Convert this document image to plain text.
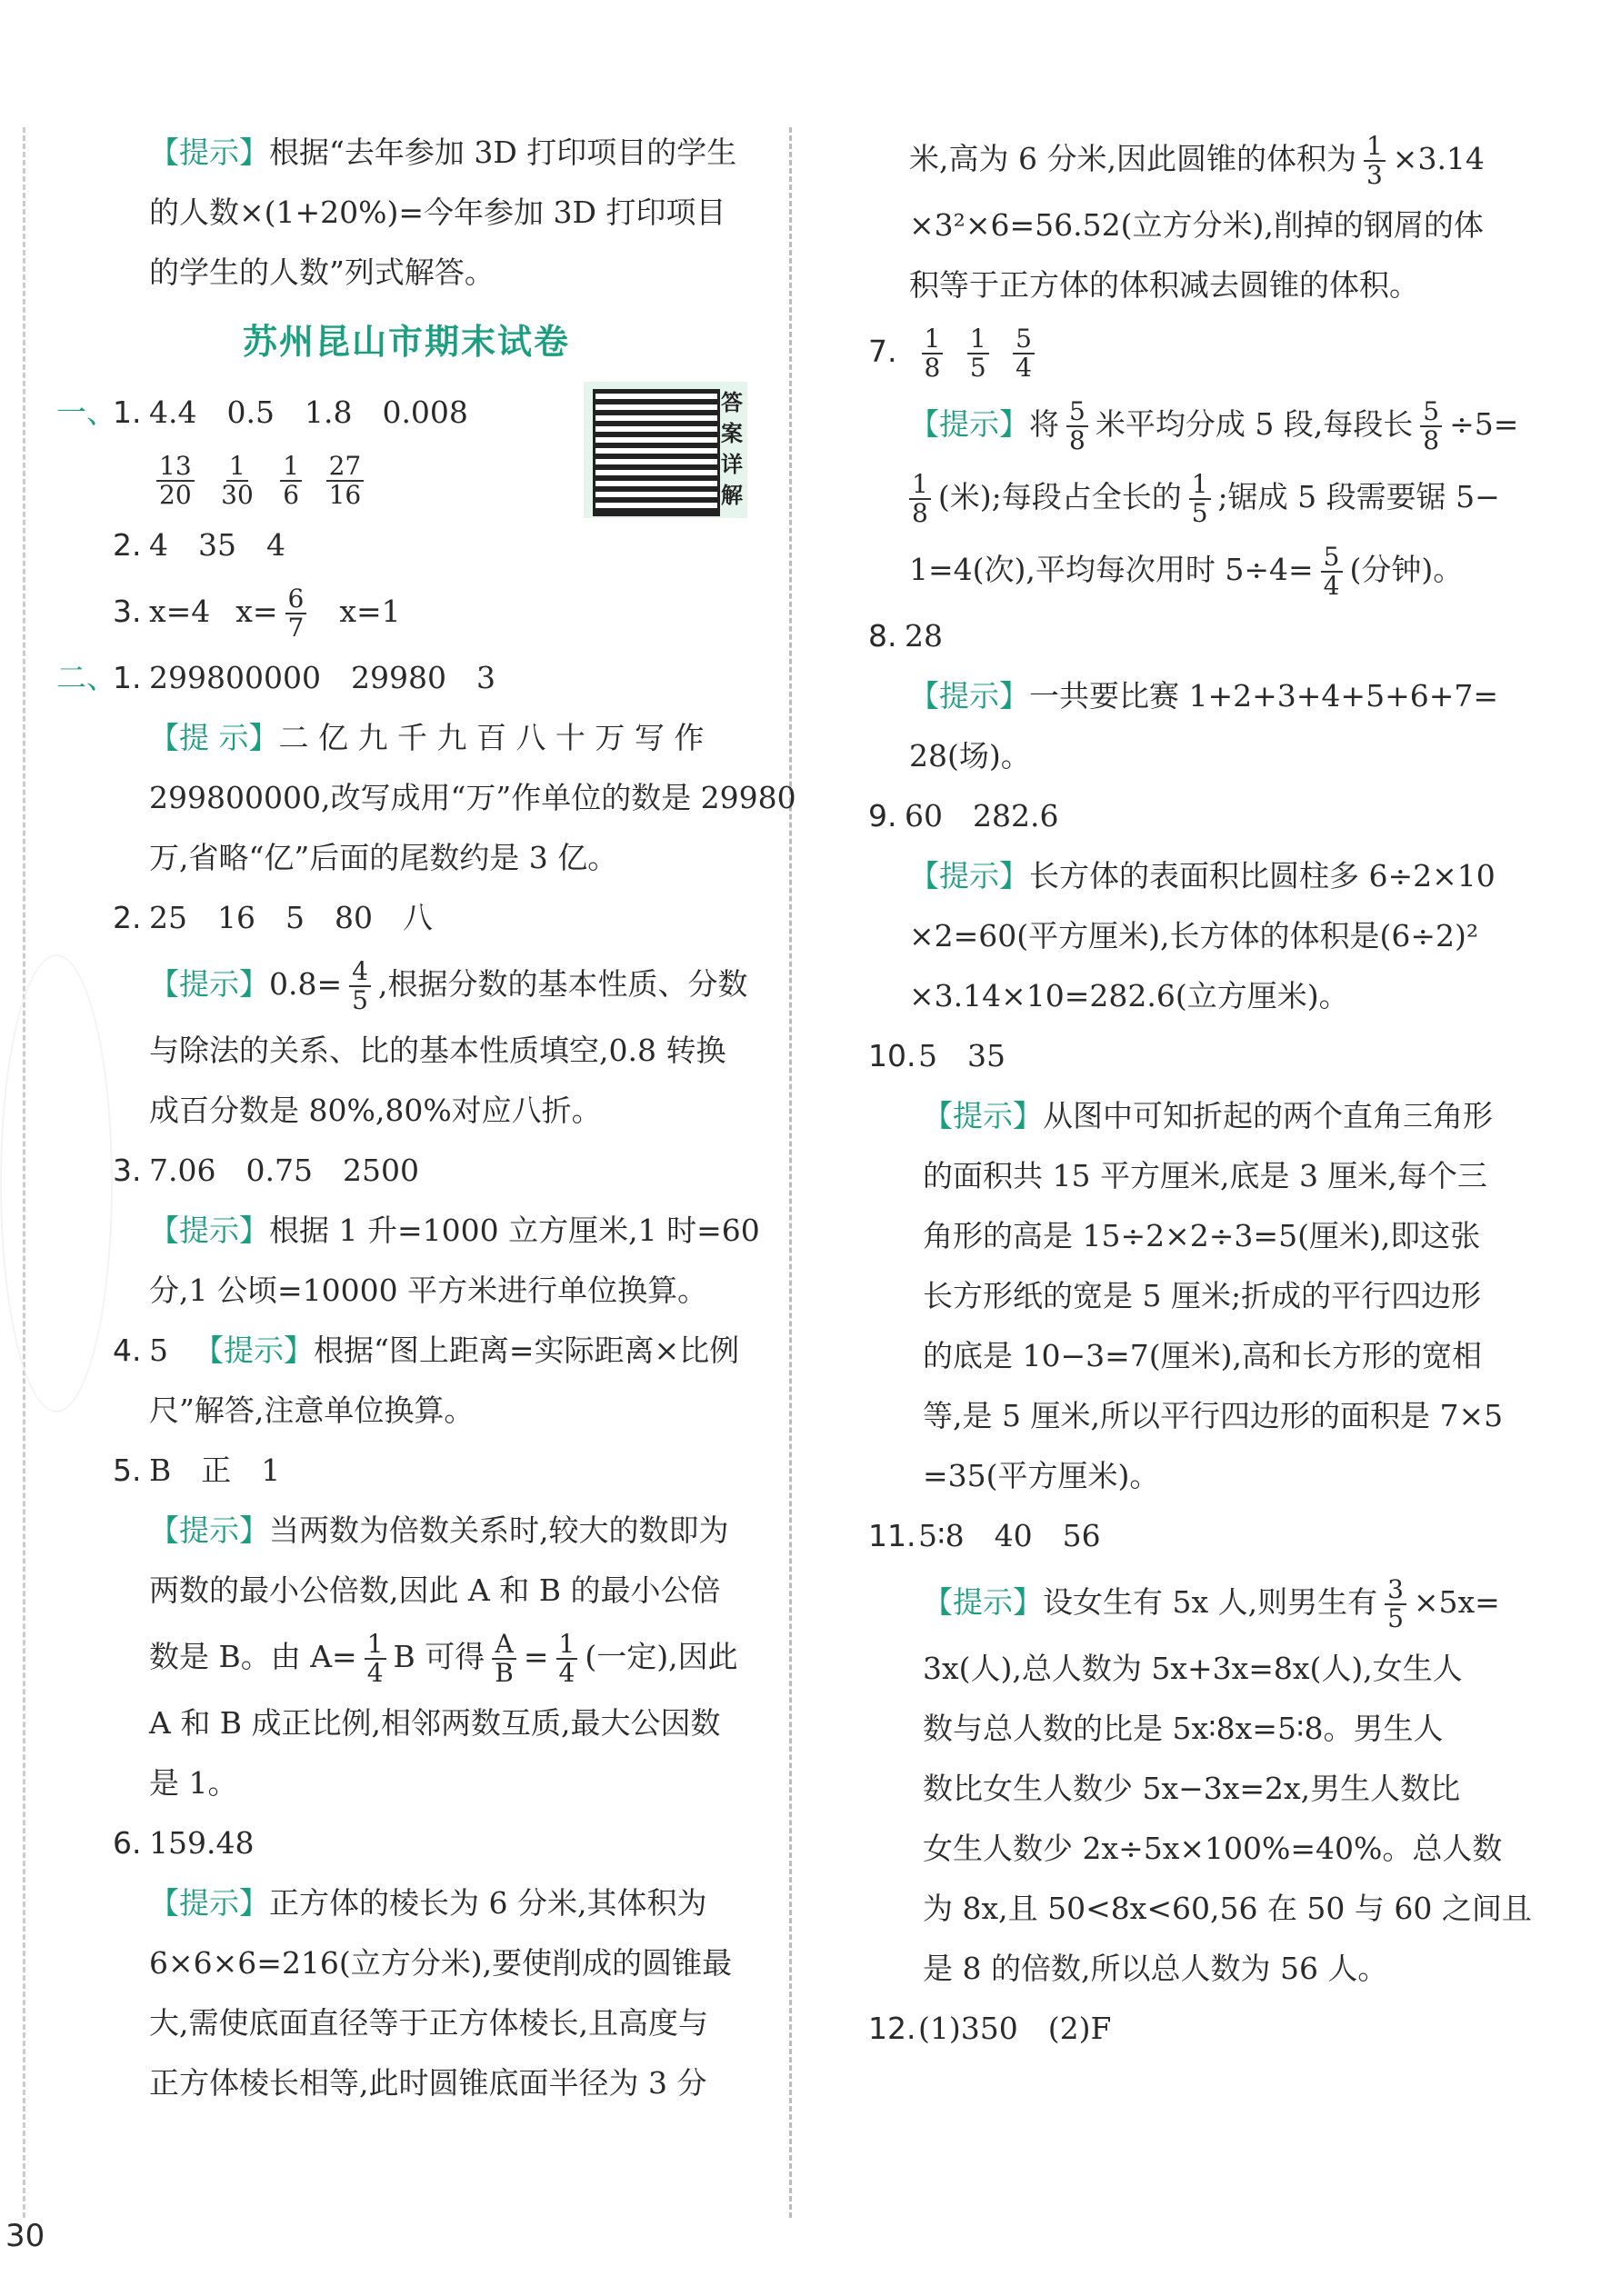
答
案
详
解
【提示】根据“去年参加 3D 打印项目的学生
的人数×(1+20%)=今年参加 3D 打印项目
的学生的人数”列式解答。
苏州昆山市期末试卷
一、1. 4.4　0.5　1.8　0.008
$\frac{13}{20}$
$\frac{1}{30}$
$\frac{1}{6}$
$\frac{27}{16}$
2. 4　35　4
3. x=4 $x= \frac{6}{7} x=1$
二、1. 299800000　29980　3
【提 示】二 亿 九 千 九 百 八 十 万 写 作
299800000,改写成用“万”作单位的数是 29980
万,省略“亿”后面的尾数约是 3 亿。
2. 25　16　5　80　八
【提示】$0.8= \frac{4}{5}$ ,根据分数的基本性质、分数
与除法的关系、比的基本性质填空,0.8 转换
成百分数是 80%,80%对应八折。
3. 7.06　0.75　2500
【提示】根据 1 升=1000 立方厘米,1 时=60
分,1 公顷=10000 平方米进行单位换算。
4. 5 【提示】根据“图上距离=实际距离×比例
尺”解答,注意单位换算。
5. B　正　1
【提示】当两数为倍数关系时,较大的数即为
两数的最小公倍数,因此 A 和 B 的最小公倍
数是 B。由 $A= \frac{1}{4}$ B 可得 $\frac{A}{B} = \frac{1}{4}$ (一定),因此
A 和 B 成正比例,相邻两数互质,最大公因数
是 1。
6. 159.48
【提示】正方体的棱长为 6 分米,其体积为
6×6×6=216(立方分米),要使削成的圆锥最
大,需使底面直径等于正方体棱长,且高度与
正方体棱长相等,此时圆锥底面半径为 3 分
米,高为 6 分米,因此圆锥的体积为 $\frac{1}{3} \times 3.14$
×3²×6=56.52(立方分米),削掉的钢屑的体
积等于正方体的体积减去圆锥的体积。
7. $\frac{1}{8}$
$\frac{1}{5}$
$\frac{5}{4}$
【提示】将 $\frac{5}{8}$ 米平均分成 5 段,每段长 $\frac{5}{8} \div 5=$
$\frac{1}{8}$ (米);每段占全长的 $\frac{1}{5}$ ;锯成 5 段需要锯 5−
1=4(次),平均每次用时 $5\div 4= \frac{5}{4}$ (分钟)。
8. 28
【提示】一共要比赛 1+2+3+4+5+6+7=
28(场)。
9. 60　282.6
【提示】长方体的表面积比圆柱多 6÷2×10
×2=60(平方厘米),长方体的体积是(6÷2)²
×3.14×10=282.6(立方厘米)。
10.5　35
【提示】从图中可知折起的两个直角三角形
的面积共 15 平方厘米,底是 3 厘米,每个三
角形的高是 15÷2×2÷3=5(厘米),即这张
长方形纸的宽是 5 厘米;折成的平行四边形
的底是 10−3=7(厘米),高和长方形的宽相
等,是 5 厘米,所以平行四边形的面积是 7×5
=35(平方厘米)。
11.5∶8　40　56
【提示】设女生有 5x 人,则男生有 $\frac{3}{5} \times 5x=$
3x(人),总人数为 5x+3x=8x(人),女生人
数与总人数的比是 5x∶8x=5∶8。男生人
数比女生人数少 5x−3x=2x,男生人数比
女生人数少 2x÷5x×100%=40%。总人数
为 8x,且 50<8x<60,56 在 50 与 60 之间且
是 8 的倍数,所以总人数为 56 人。
12.(1)350　(2)F
30
